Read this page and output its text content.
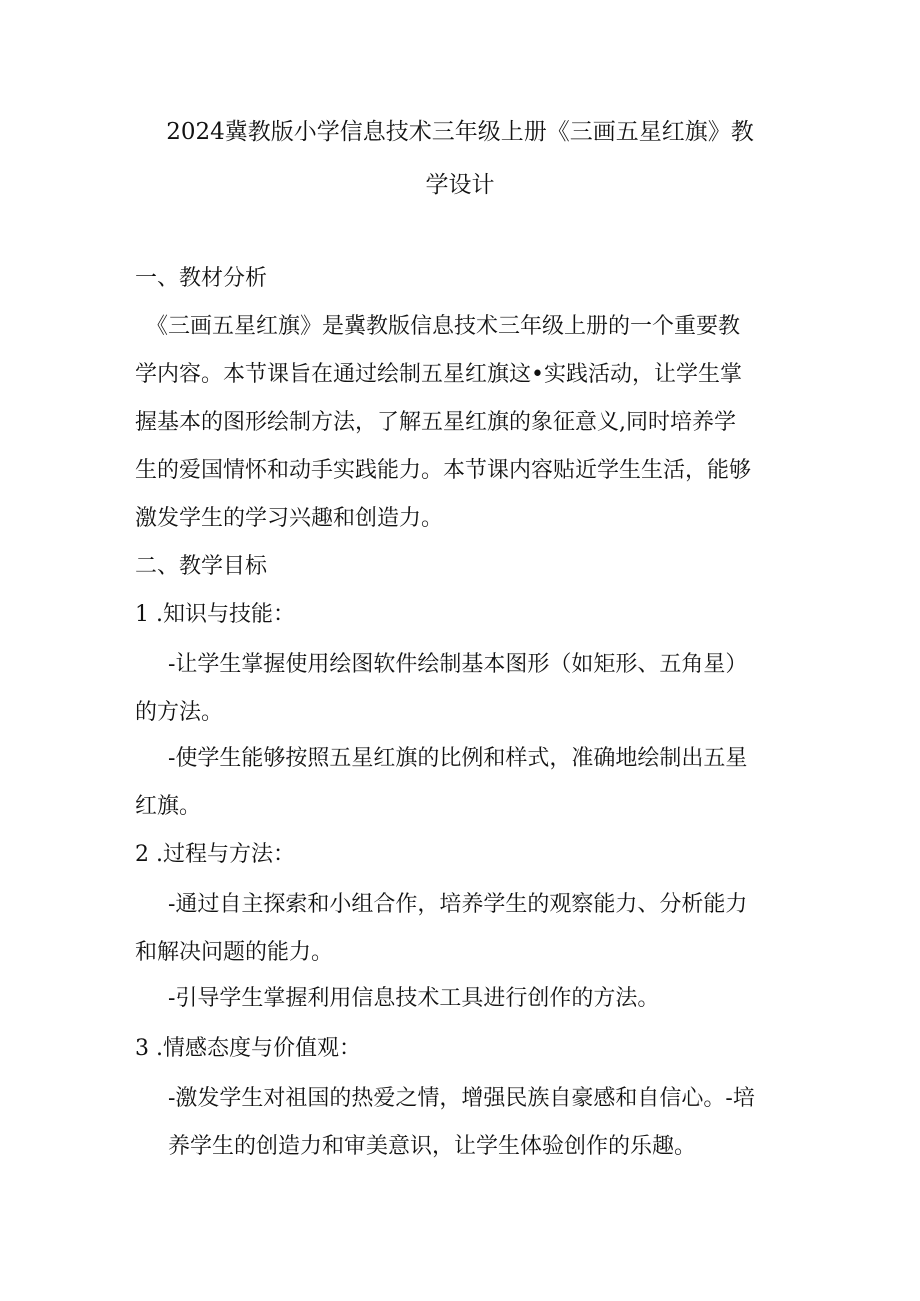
2024冀教版小学信息技术三年级上册《三画五星红旗》教
学设计
一、教材分析
《三画五星红旗》是冀教版信息技术三年级上册的一个重要教
学内容。本节课旨在通过绘制五星红旗这•实践活动，让学生掌
握基本的图形绘制方法，了解五星红旗的象征意义,同时培养学
生的爱国情怀和动手实践能力。本节课内容贴近学生生活，能够
激发学生的学习兴趣和创造力。
二、教学目标
1 .知识与技能：
-让学生掌握使用绘图软件绘制基本图形（如矩形、五角星）
的方法。
-使学生能够按照五星红旗的比例和样式，准确地绘制出五星
红旗。
2 .过程与方法：
-通过自主探索和小组合作，培养学生的观察能力、分析能力
和解决问题的能力。
-引导学生掌握利用信息技术工具进行创作的方法。
3 .情感态度与价值观：
-激发学生对祖国的热爱之情，增强民族自豪感和自信心。-培
养学生的创造力和审美意识，让学生体验创作的乐趣。
